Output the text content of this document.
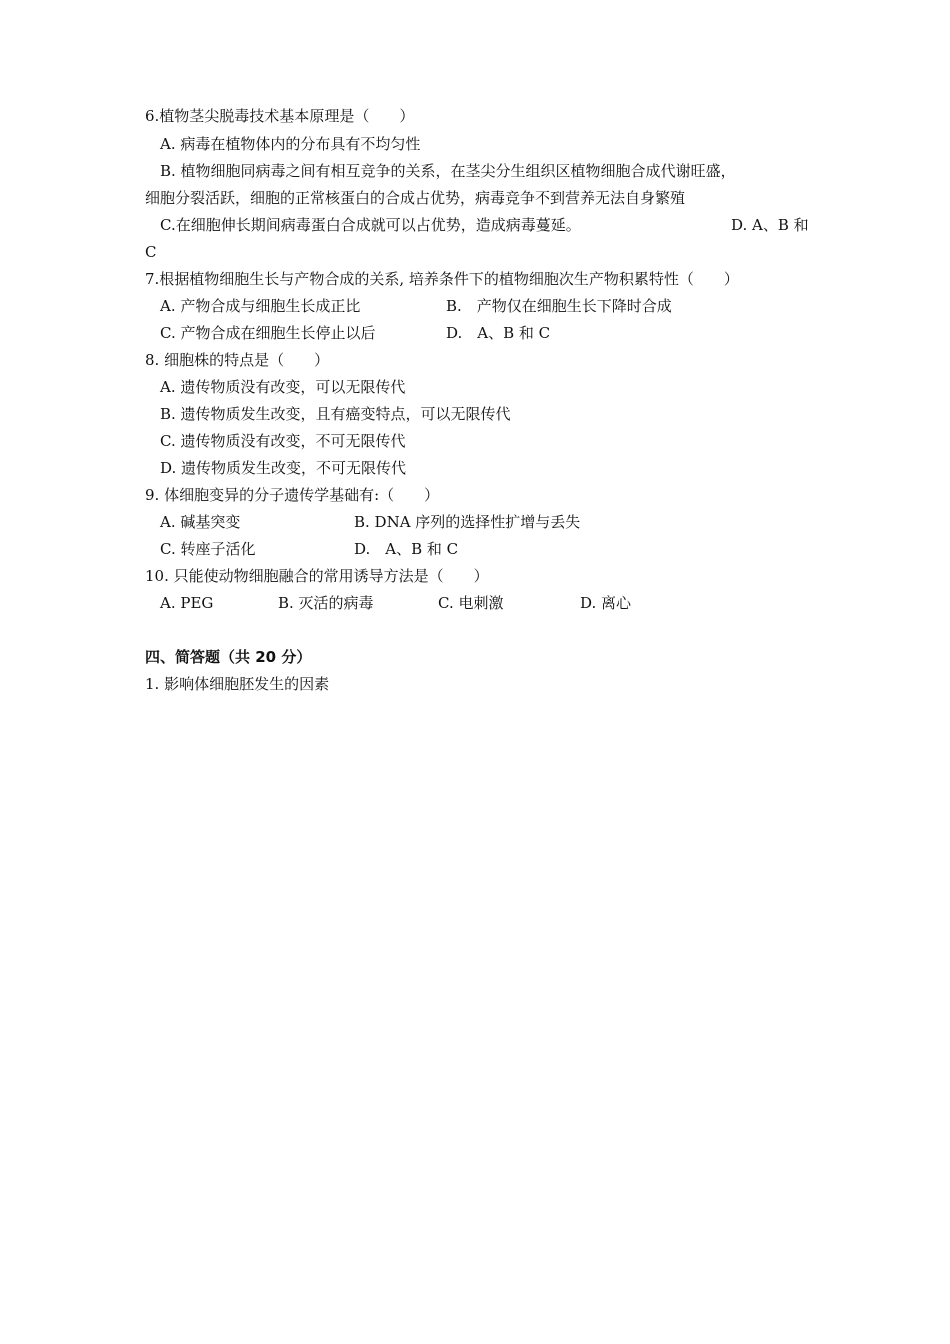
6.植物茎尖脱毒技术基本原理是（　　）
A. 病毒在植物体内的分布具有不均匀性
B. 植物细胞同病毒之间有相互竞争的关系，在茎尖分生组织区植物细胞合成代谢旺盛，
细胞分裂活跃，细胞的正常核蛋白的合成占优势，病毒竞争不到营养无法自身繁殖
C.在细胞伸长期间病毒蛋白合成就可以占优势，造成病毒蔓延。	D. A、B 和
C
7.根据植物细胞生长与产物合成的关系, 培养条件下的植物细胞次生产物积累特性（　　）
A. 产物合成与细胞生长成正比	B.　产物仅在细胞生长下降时合成
C. 产物合成在细胞生长停止以后	D.　A、B 和 C
8. 细胞株的特点是（　　）
A. 遗传物质没有改变，可以无限传代
B. 遗传物质发生改变，且有癌变特点，可以无限传代
C. 遗传物质没有改变，不可无限传代
D. 遗传物质发生改变，不可无限传代
9. 体细胞变异的分子遗传学基础有:（　　）
A. 碱基突变	B. DNA 序列的选择性扩增与丢失
C. 转座子活化	D.　A、B 和 C
10. 只能使动物细胞融合的常用诱导方法是（　　）
A. PEG	B. 灭活的病毒	C. 电刺激	D. 离心
四、简答题（共 20 分）
1. 影响体细胞胚发生的因素
